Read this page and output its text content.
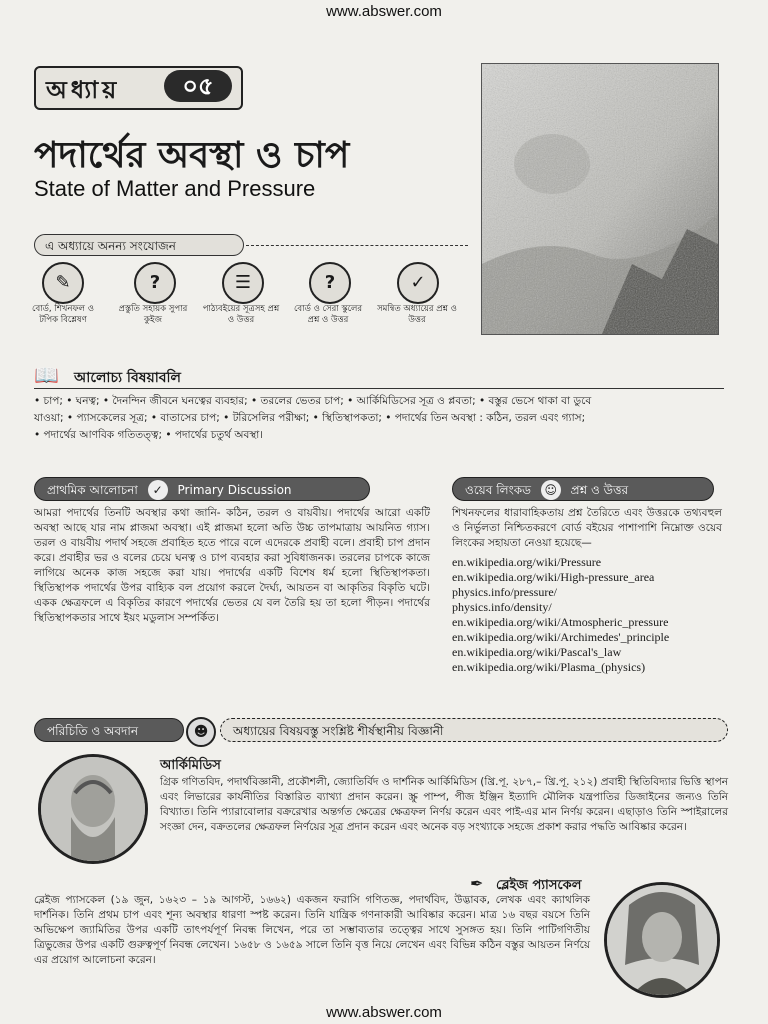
www.abswer.com
অধ্যায়	০৫
পদার্থের অবস্থা ও চাপ
State of Matter and Pressure
এ অধ্যায়ে অনন্য সংযোজন
✎
বোর্ড, শিখনফল ও টপিক বিশ্লেষণ
?
প্রস্তুতি সহায়ক সুপার কুইজ
☰
পাঠ্যবইয়ের সূত্রসহ প্রশ্ন ও উত্তর
?
বোর্ড ও সেরা স্কুলের প্রশ্ন ও উত্তর
✓
সমন্বিত অধ্যায়ের প্রশ্ন ও উত্তর
📖 আলোচ্য বিষয়াবলি
• চাপ; • ঘনত্ব; • দৈনন্দিন জীবনে ঘনত্বের ব্যবহার; • তরলের ভেতর চাপ; • আর্কিমিডিসের সূত্র ও প্লবতা; • বস্তুর ভেসে থাকা বা ডুবে
যাওয়া; • প্যাসকেলের সূত্র; • বাতাসের চাপ; • টরিসেলির পরীক্ষা; • স্থিতিস্থাপকতা; • পদার্থের তিন অবস্থা : কঠিন, তরল এবং গ্যাস;
• পদার্থের আণবিক গতিতত্ত্ব; • পদার্থের চতুর্থ অবস্থা।
প্রাথমিক আলোচনা ✓ Primary Discussion
আমরা পদার্থের তিনটি অবস্থার কথা জানি- কঠিন, তরল ও বায়বীয়। পদার্থের আরো একটি অবস্থা আছে যার নাম প্লাজমা অবস্থা। এই প্লাজমা হলো অতি উচ্চ তাপমাত্রায় আয়নিত গ্যাস। তরল ও বায়বীয় পদার্থ সহজে প্রবাহিত হতে পারে বলে এদেরকে প্রবাহী বলে। প্রবাহী চাপ প্রদান করে। প্রবাহীর ভর ও বলের চেয়ে ঘনত্ব ও চাপ ব্যবহার করা সুবিধাজনক। তরলের চাপকে কাজে লাগিয়ে অনেক কাজ সহজে করা যায়। পদার্থের একটি বিশেষ ধর্ম হলো স্থিতিস্থাপকতা। স্থিতিস্থাপক পদার্থের উপর বাহ্যিক বল প্রয়োগ করলে দৈর্ঘ্য, আয়তন বা আকৃতির বিকৃতি ঘটে। একক ক্ষেত্রফলে এ বিকৃতির কারণে পদার্থের ভেতর যে বল তৈরি হয় তা হলো পীড়ন। পদার্থের স্থিতিস্থাপকতার সাথে ইয়ং মডুলাস সম্পর্কিত।
ওয়েব লিংকড ☺ প্রশ্ন ও উত্তর
শিখনফলের ধারাবাহিকতায় প্রশ্ন তৈরিতে এবং উত্তরকে তথ্যবহুল ও নির্ভুলতা নিশ্চিতকরণে বোর্ড বইয়ের পাশাপাশি নিম্নোক্ত ওয়েব লিংকের সহায়তা নেওয়া হয়েছে—
en.wikipedia.org/wiki/Pressure
en.wikipedia.org/wiki/High-pressure_area
physics.info/pressure/
physics.info/density/
en.wikipedia.org/wiki/Atmospheric_pressure
en.wikipedia.org/wiki/Archimedes'_principle
en.wikipedia.org/wiki/Pascal's_law
en.wikipedia.org/wiki/Plasma_(physics)
পরিচিতি ও অবদান	☻	অধ্যায়ের বিষয়বস্তু সংশ্লিষ্ট শীর্ষস্থানীয় বিজ্ঞানী
আর্কিমিডিস
গ্রিক গণিতবিদ, পদার্থবিজ্ঞানী, প্রকৌশলী, জ্যোতির্বিদ ও দার্শনিক আর্কিমিডিস (খ্রি.পূ. ২৮৭,– খ্রি.পূ. ২১২) প্রবাহী স্থিতিবিদ্যার ভিত্তি স্থাপন এবং লিভারের কার্যনীতির বিস্তারিত ব্যাখ্যা প্রদান করেন। স্ক্রু পাম্প, পীজ ইঞ্জিন ইত্যাদি মৌলিক যন্ত্রপাতির ডিজাইনের জন্যও তিনি বিখ্যাত। তিনি প্যারাবোলার বক্ররেখার অন্তর্গত ক্ষেত্রের ক্ষেত্রফল নির্ণয় করেন এবং পাই-এর মান নির্ণয় করেন। এছাড়াও তিনি স্পাইরালের সংজ্ঞা দেন, বক্রতলের ক্ষেত্রফল নির্ণয়ের সূত্র প্রদান করেন এবং অনেক বড় সংখ্যাকে সহজে প্রকাশ করার পদ্ধতি আবিষ্কার করেন।
✒ ব্লেইজ প্যাসকেল
ব্লেইজ প্যাসকেল (১৯ জুন, ১৬২৩ – ১৯ আগস্ট, ১৬৬২) একজন ফরাসি গণিতজ্ঞ, পদার্থবিদ, উদ্ভাবক, লেখক এবং ক্যাথলিক দার্শনিক। তিনি প্রথম চাপ এবং শূন্য অবস্থার ধারণা স্পষ্ট করেন। তিনি যান্ত্রিক গণনাকারী আবিষ্কার করেন। মাত্র ১৬ বছর বয়সে তিনি অভিক্ষেপ জ্যামিতির উপর একটি তাৎপর্যপূর্ণ নিবন্ধ লিখেন, পরে তা সম্ভাব্যতার তত্ত্বের সাথে সুসঙ্গত হয়। তিনি পাটিগণিতীয় ত্রিভুজের উপর একটি গুরুত্বপূর্ণ নিবন্ধ লেখেন। ১৬৫৮ ও ১৬৫৯ সালে তিনি বৃত্ত নিয়ে লেখেন এবং বিভিন্ন কঠিন বস্তুর আয়তন নির্ণয়ে এর প্রয়োগ আলোচনা করেন।
www.abswer.com
